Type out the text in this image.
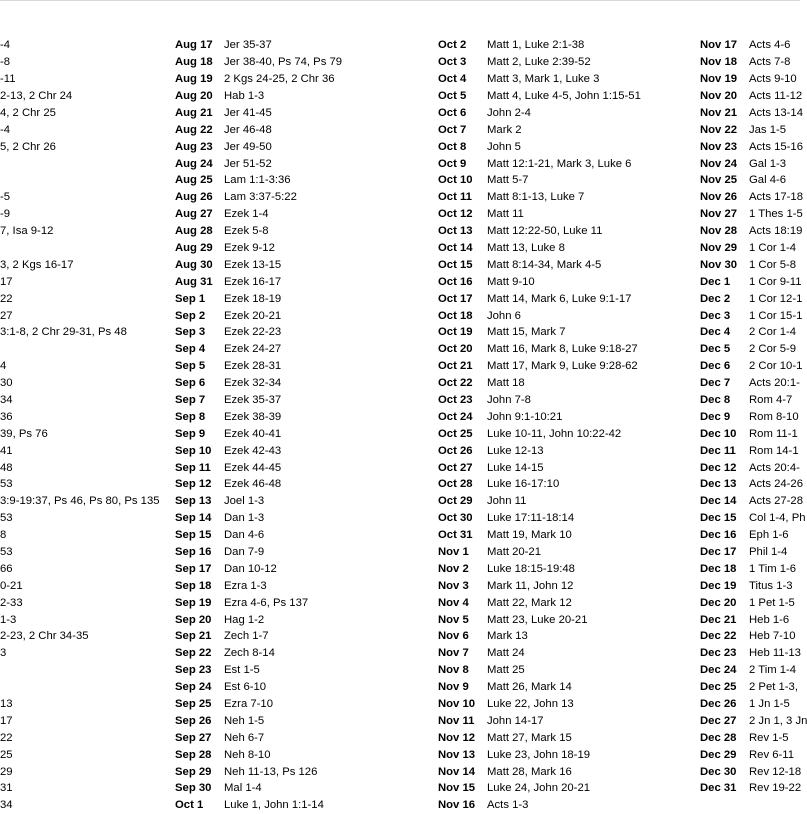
-4
-8
-11
2-13, 2 Chr 24
4, 2 Chr 25
-4
5, 2 Chr 26
-5
-9
7, Isa 9-12
3, 2 Kgs 16-17
17
22
27
3:1-8, 2 Chr 29-31, Ps 48
4
30
34
36
39, Ps 76
41
48
53
3:9-19:37, Ps 46, Ps 80, Ps 135
53
8
53
66
0-21
2-33
1-3
2-23, 2 Chr 34-35
3
13
17
22
25
29
31
34
Aug 17 Jer 35-37
Aug 18 Jer 38-40, Ps 74, Ps 79
Aug 19 2 Kgs 24-25, 2 Chr 36
Aug 20 Hab 1-3
Aug 21 Jer 41-45
Aug 22 Jer 46-48
Aug 23 Jer 49-50
Aug 24 Jer 51-52
Aug 25 Lam 1:1-3:36
Aug 26 Lam 3:37-5:22
Aug 27 Ezek 1-4
Aug 28 Ezek 5-8
Aug 29 Ezek 9-12
Aug 30 Ezek 13-15
Aug 31 Ezek 16-17
Sep 1 Ezek 18-19
Sep 2 Ezek 20-21
Sep 3 Ezek 22-23
Sep 4 Ezek 24-27
Sep 5 Ezek 28-31
Sep 6 Ezek 32-34
Sep 7 Ezek 35-37
Sep 8 Ezek 38-39
Sep 9 Ezek 40-41
Sep 10 Ezek 42-43
Sep 11 Ezek 44-45
Sep 12 Ezek 46-48
Sep 13 Joel 1-3
Sep 14 Dan 1-3
Sep 15 Dan 4-6
Sep 16 Dan 7-9
Sep 17 Dan 10-12
Sep 18 Ezra 1-3
Sep 19 Ezra 4-6, Ps 137
Sep 20 Hag 1-2
Sep 21 Zech 1-7
Sep 22 Zech 8-14
Sep 23 Est 1-5
Sep 24 Est 6-10
Sep 25 Ezra 7-10
Sep 26 Neh 1-5
Sep 27 Neh 6-7
Sep 28 Neh 8-10
Sep 29 Neh 11-13, Ps 126
Sep 30 Mal 1-4
Oct 1 Luke 1, John 1:1-14
Oct 2 Matt 1, Luke 2:1-38
Oct 3 Matt 2, Luke 2:39-52
Oct 4 Matt 3, Mark 1, Luke 3
Oct 5 Matt 4, Luke 4-5, John 1:15-51
Oct 6 John 2-4
Oct 7 Mark 2
Oct 8 John 5
Oct 9 Matt 12:1-21, Mark 3, Luke 6
Oct 10 Matt 5-7
Oct 11 Matt 8:1-13, Luke 7
Oct 12 Matt 11
Oct 13 Matt 12:22-50, Luke 11
Oct 14 Matt 13, Luke 8
Oct 15 Matt 8:14-34, Mark 4-5
Oct 16 Matt 9-10
Oct 17 Matt 14, Mark 6, Luke 9:1-17
Oct 18 John 6
Oct 19 Matt 15, Mark 7
Oct 20 Matt 16, Mark 8, Luke 9:18-27
Oct 21 Matt 17, Mark 9, Luke 9:28-62
Oct 22 Matt 18
Oct 23 John 7-8
Oct 24 John 9:1-10:21
Oct 25 Luke 10-11, John 10:22-42
Oct 26 Luke 12-13
Oct 27 Luke 14-15
Oct 28 Luke 16-17:10
Oct 29 John 11
Oct 30 Luke 17:11-18:14
Oct 31 Matt 19, Mark 10
Nov 1 Matt 20-21
Nov 2 Luke 18:15-19:48
Nov 3 Mark 11, John 12
Nov 4 Matt 22, Mark 12
Nov 5 Matt 23, Luke 20-21
Nov 6 Mark 13
Nov 7 Matt 24
Nov 8 Matt 25
Nov 9 Matt 26, Mark 14
Nov 10 Luke 22, John 13
Nov 11 John 14-17
Nov 12 Matt 27, Mark 15
Nov 13 Luke 23, John 18-19
Nov 14 Matt 28, Mark 16
Nov 15 Luke 24, John 20-21
Nov 16 Acts 1-3
Nov 17 Acts 4-6
Nov 18 Acts 7-8
Nov 19 Acts 9-10
Nov 20 Acts 11-12
Nov 21 Acts 13-14
Nov 22 Jas 1-5
Nov 23 Acts 15-16
Nov 24 Gal 1-3
Nov 25 Gal 4-6
Nov 26 Acts 17-18
Nov 27 1 Thes 1-5
Nov 28 Acts 18:19
Nov 29 1 Cor 1-4
Nov 30 1 Cor 5-8
Dec 1 1 Cor 9-11
Dec 2 1 Cor 12-1
Dec 3 1 Cor 15-1
Dec 4 2 Cor 1-4
Dec 5 2 Cor 5-9
Dec 6 2 Cor 10-1
Dec 7 Acts 20:1-
Dec 8 Rom 4-7
Dec 9 Rom 8-10
Dec 10 Rom 11-1
Dec 11 Rom 14-1
Dec 12 Acts 20:4-
Dec 13 Acts 24-26
Dec 14 Acts 27-28
Dec 15 Col 1-4, Ph
Dec 16 Eph 1-6
Dec 17 Phil 1-4
Dec 18 1 Tim 1-6
Dec 19 Titus 1-3
Dec 20 1 Pet 1-5
Dec 21 Heb 1-6
Dec 22 Heb 7-10
Dec 23 Heb 11-13
Dec 24 2 Tim 1-4
Dec 25 2 Pet 1-3,
Dec 26 1 Jn 1-5
Dec 27 2 Jn 1, 3 Jn
Dec 28 Rev 1-5
Dec 29 Rev 6-11
Dec 30 Rev 12-18
Dec 31 Rev 19-22
